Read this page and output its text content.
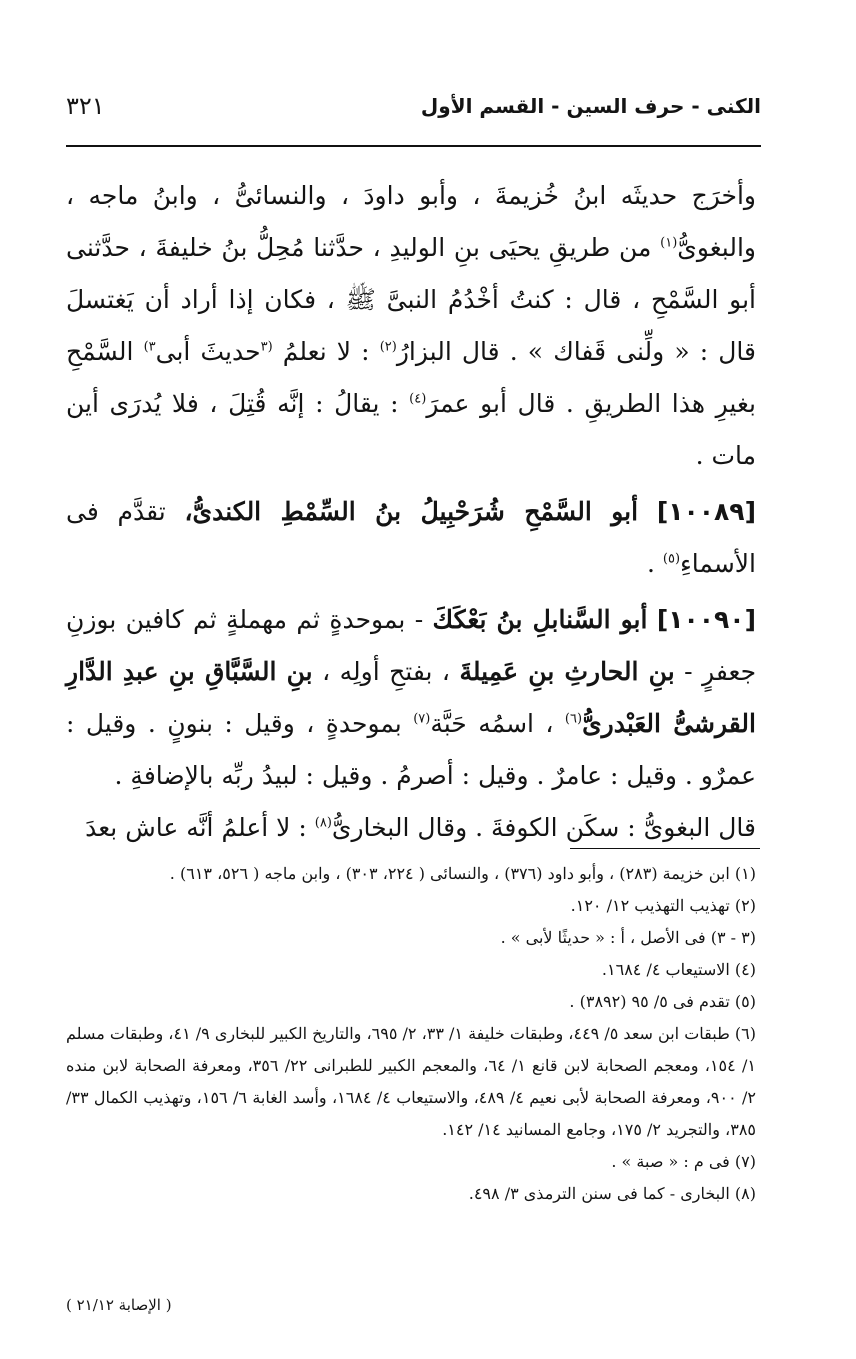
الكنى - حرف السين - القسم الأول
٣٢١

وأخرَج حديثَه ابنُ خُزيمةَ ، وأبو داودَ ، والنسائىُّ ، وابنُ ماجه ، والبغوىُّ$^{(١)}$ من طريقِ يحيَى بنِ الوليدِ ، حدَّثنا مُحِلُّ بنُ خليفةَ ، حدَّثنى أبو السَّمْحِ ، قال : كنتُ أخْدُمُ النبىَّ ﷺ ، فكان إذا أراد أن يَغتسلَ قال : « ولِّنى قَفاك » . قال البزارُ$^{(٢)}$ : لا نعلمُ $^{(٣}$حديثَ أبى$^{٣)}$ السَّمْحِ بغيرِ هذا الطريقِ . قال أبو عمرَ$^{(٤)}$ : يقالُ : إنَّه قُتِلَ ، فلا يُدرَى أين مات .

[١٠٠٨٩] أبو السَّمْحِ شُرَحْبِيلُ بنُ السِّمْطِ الكندىُّ، تقدَّم فى الأسماءِ$^{(٥)}$ .

[١٠٠٩٠] أبو السَّنابلِ بنُ بَعْكَكَ - بموحدةٍ ثم مهملةٍ ثم كافين بوزنِ جعفرٍ - بنِ الحارثِ بنِ عَمِيلةَ ، بفتحِ أولِه ، بنِ السَّبَّاقِ بنِ عبدِ الدَّارِ القرشىُّ العَبْدرىُّ$^{(٦)}$ ، اسمُه حَبَّة$^{(٧)}$ بموحدةٍ ، وقيل : بنونٍ . وقيل : عمرٌو . وقيل : عامرٌ . وقيل : أصرمُ . وقيل : لبيدُ ربِّه بالإضافةِ .

قال البغوىُّ : سكَن الكوفةَ . وقال البخارىُّ$^{(٨)}$ : لا أعلمُ أنَّه عاش بعدَ

(١) ابن خزيمة (٢٨٣) ، وأبو داود (٣٧٦) ، والنسائى ( ٢٢٤، ٣٠٣) ، وابن ماجه ( ٥٢٦، ٦١٣) .

(٢) تهذيب التهذيب ١٢/ ١٢٠.

(٣ - ٣) فى الأصل ، أ : « حديثًا لأبى » .

(٤) الاستيعاب ٤/ ١٦٨٤.

(٥) تقدم فى ٥/ ٩٥ (٣٨٩٢) .

(٦) طبقات ابن سعد ٥/ ٤٤٩، وطبقات خليفة ١/ ٣٣، ٢/ ٦٩٥، والتاريخ الكبير للبخارى ٩/ ٤١، وطبقات مسلم ١/ ١٥٤، ومعجم الصحابة لابن قانع ١/ ٦٤، والمعجم الكبير للطبرانى ٢٢/ ٣٥٦، ومعرفة الصحابة لابن منده ٢/ ٩٠٠، ومعرفة الصحابة لأبى نعيم ٤/ ٤٨٩، والاستيعاب ٤/ ١٦٨٤، وأسد الغابة ٦/ ١٥٦، وتهذيب الكمال ٣٣/ ٣٨٥، والتجريد ٢/ ١٧٥، وجامع المسانيد ١٤/ ١٤٢.

(٧) فى م : « صبة » .

(٨) البخارى - كما فى سنن الترمذى ٣/ ٤٩٨.

( الإصابة ٢١/١٢ )
